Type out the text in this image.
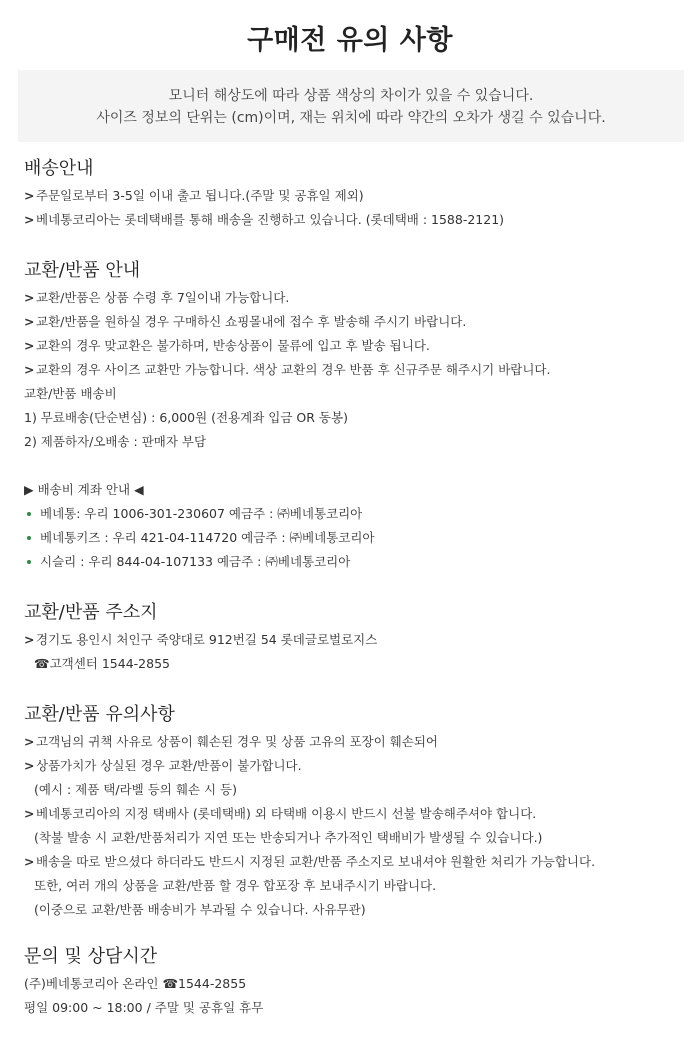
구매전 유의 사항
모니터 해상도에 따라 상품 색상의 차이가 있을 수 있습니다.
사이즈 정보의 단위는 (cm)이며, 재는 위치에 따라 약간의 오차가 생길 수 있습니다.
배송안내
> 주문일로부터 3-5일 이내 출고 됩니다.(주말 및 공휴일 제외)
> 베네통코리아는 롯데택배를 통해 배송을 진행하고 있습니다. (롯데택배 : 1588-2121)
교환/반품 안내
> 교환/반품은 상품 수령 후 7일이내 가능합니다.
> 교환/반품을 원하실 경우 구매하신 쇼핑몰내에 접수 후 발송해 주시기 바랍니다.
> 교환의 경우 맞교환은 불가하며, 반송상품이 물류에 입고 후 발송 됩니다.
> 교환의 경우 사이즈 교환만 가능합니다. 색상 교환의 경우 반품 후 신규주문 해주시기 바랍니다.
교환/반품 배송비
1) 무료배송(단순변심) : 6,000원 (전용계좌 입금 OR 동봉)
2) 제품하자/오배송 : 판매자 부담
▶ 배송비 계좌 안내 ◀
베네통: 우리 1006-301-230607 예금주 : ㈜베네통코리아
베네통키즈 : 우리 421-04-114720 예금주 : ㈜베네통코리아
시슬리 : 우리 844-04-107133 예금주 : ㈜베네통코리아
교환/반품 주소지
> 경기도 용인시 처인구 죽양대로 912번길 54 롯데글로벌로지스
☎고객센터 1544-2855
교환/반품 유의사항
> 고객님의 귀책 사유로 상품이 훼손된 경우 및 상품 고유의 포장이 훼손되어
> 상품가치가 상실된 경우 교환/반품이 불가합니다.
(예시 : 제품 택/라벨 등의 훼손 시 등)
> 베네통코리아의 지정 택배사 (롯데택배) 외 타택배 이용시 반드시 선불 발송해주셔야 합니다.
(착불 발송 시 교환/반품처리가 지연 또는 반송되거나 추가적인 택배비가 발생될 수 있습니다.)
> 배송을 따로 받으셨다 하더라도 반드시 지정된 교환/반품 주소지로 보내셔야 원활한 처리가 가능합니다.
또한, 여러 개의 상품을 교환/반품 할 경우 합포장 후 보내주시기 바랍니다.
(이중으로 교환/반품 배송비가 부과될 수 있습니다. 사유무관)
문의 및 상담시간
(주)베네통코리아 온라인 ☎1544-2855
평일 09:00 ~ 18:00 / 주말 및 공휴일 휴무
